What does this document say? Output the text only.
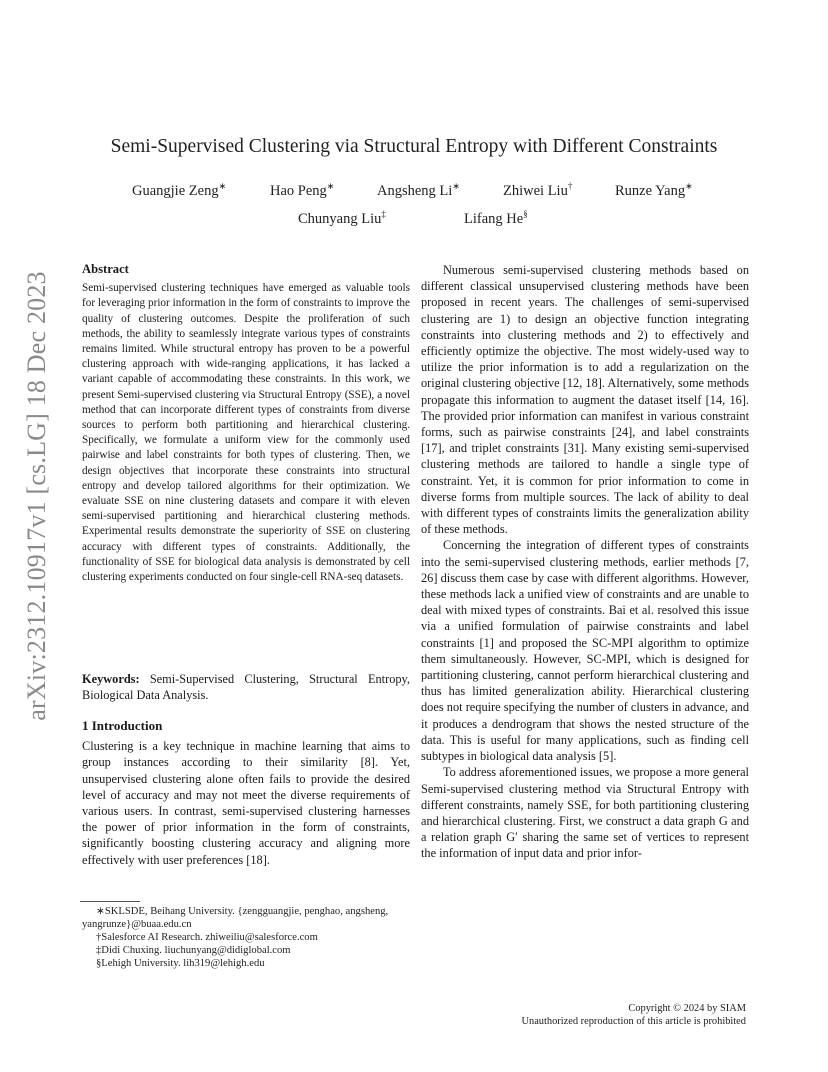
arXiv:2312.10917v1 [cs.LG] 18 Dec 2023
Semi-Supervised Clustering via Structural Entropy with Different Constraints
Guangjie Zeng∗	Hao Peng∗	Angsheng Li∗	Zhiwei Liu†	Runze Yang∗
Chunyang Liu‡	Lifang He§
Abstract

Semi-supervised clustering techniques have emerged as valuable tools for leveraging prior information in the form of constraints to improve the quality of clustering outcomes. Despite the proliferation of such methods, the ability to seamlessly integrate various types of constraints remains limited. While structural entropy has proven to be a powerful clustering approach with wide-ranging applications, it has lacked a variant capable of accommodating these constraints. In this work, we present Semi-supervised clustering via Structural Entropy (SSE), a novel method that can incorporate different types of constraints from diverse sources to perform both partitioning and hierarchical clustering. Specifically, we formulate a uniform view for the commonly used pairwise and label constraints for both types of clustering. Then, we design objectives that incorporate these constraints into structural entropy and develop tailored algorithms for their optimization. We evaluate SSE on nine clustering datasets and compare it with eleven semi-supervised partitioning and hierarchical clustering methods. Experimental results demonstrate the superiority of SSE on clustering accuracy with different types of constraints. Additionally, the functionality of SSE for biological data analysis is demonstrated by cell clustering experiments conducted on four single-cell RNA-seq datasets.

Keywords: Semi-Supervised Clustering, Structural Entropy, Biological Data Analysis.

1 Introduction

Clustering is a key technique in machine learning that aims to group instances according to their similarity [8]. Yet, unsupervised clustering alone often fails to provide the desired level of accuracy and may not meet the diverse requirements of various users. In contrast, semi-supervised clustering harnesses the power of prior information in the form of constraints, significantly boosting clustering accuracy and aligning more effectively with user preferences [18].

∗SKLSDE, Beihang University. {zengguangjie, penghao, angsheng, yangrunze}@buaa.edu.cn
†Salesforce AI Research. zhiweiliu@salesforce.com
‡Didi Chuxing. liuchunyang@didiglobal.com
§Lehigh University. lih319@lehigh.edu

Numerous semi-supervised clustering methods based on different classical unsupervised clustering methods have been proposed in recent years. The challenges of semi-supervised clustering are 1) to design an objective function integrating constraints into clustering methods and 2) to effectively and efficiently optimize the objective. The most widely-used way to utilize the prior information is to add a regularization on the original clustering objective [12, 18]. Alternatively, some methods propagate this information to augment the dataset itself [14, 16]. The provided prior information can manifest in various constraint forms, such as pairwise constraints [24], and label constraints [17], and triplet constraints [31]. Many existing semi-supervised clustering methods are tailored to handle a single type of constraint. Yet, it is common for prior information to come in diverse forms from multiple sources. The lack of ability to deal with different types of constraints limits the generalization ability of these methods.

Concerning the integration of different types of constraints into the semi-supervised clustering methods, earlier methods [7, 26] discuss them case by case with different algorithms. However, these methods lack a unified view of constraints and are unable to deal with mixed types of constraints. Bai et al. resolved this issue via a unified formulation of pairwise constraints and label constraints [1] and proposed the SC-MPI algorithm to optimize them simultaneously. However, SC-MPI, which is designed for partitioning clustering, cannot perform hierarchical clustering and thus has limited generalization ability. Hierarchical clustering does not require specifying the number of clusters in advance, and it produces a dendrogram that shows the nested structure of the data. This is useful for many applications, such as finding cell subtypes in biological data analysis [5].

To address aforementioned issues, we propose a more general Semi-supervised clustering method via Structural Entropy with different constraints, namely SSE, for both partitioning clustering and hierarchical clustering. First, we construct a data graph G and a relation graph G′ sharing the same set of vertices to represent the information of input data and prior infor-

Copyright © 2024 by SIAM
Unauthorized reproduction of this article is prohibited
